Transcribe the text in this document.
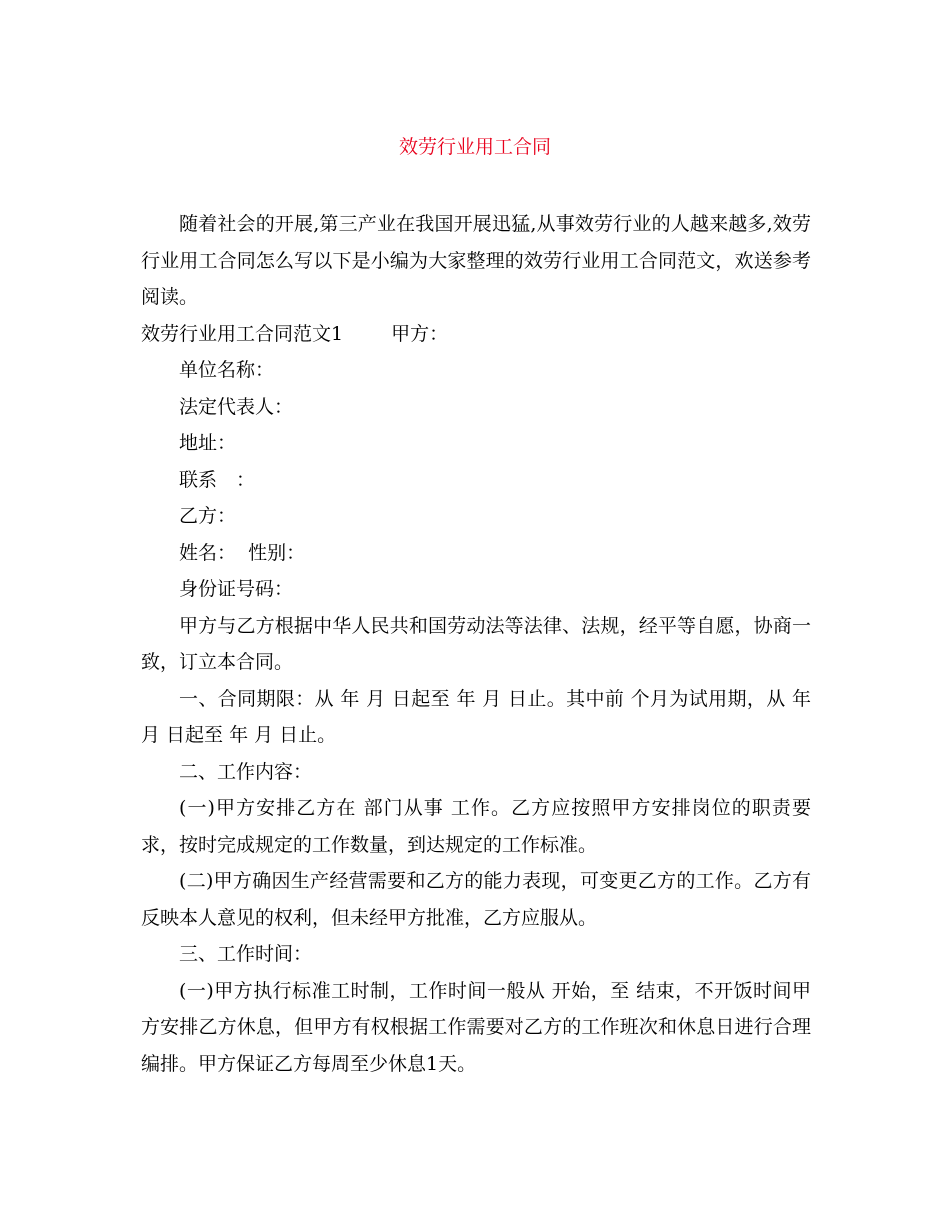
效劳行业用工合同

随着社会的开展,第三产业在我国开展迅猛,从事效劳行业的人越来越多,效劳行业用工合同怎么写以下是小编为大家整理的效劳行业用工合同范文，欢送参考阅读。

效劳行业用工合同范文1	甲方：

单位名称：

法定代表人：

地址：

联系　：

乙方：

姓名：  性别：

身份证号码：

甲方与乙方根据中华人民共和国劳动法等法律、法规，经平等自愿，协商一致，订立本合同。

一、合同期限：从 年 月 日起至 年 月 日止。其中前 个月为试用期，从 年 月 日起至 年 月 日止。

二、工作内容：

(一)甲方安排乙方在 部门从事 工作。乙方应按照甲方安排岗位的职责要求，按时完成规定的工作数量，到达规定的工作标准。

(二)甲方确因生产经营需要和乙方的能力表现，可变更乙方的工作。乙方有反映本人意见的权利，但未经甲方批准，乙方应服从。

三、工作时间：

(一)甲方执行标准工时制，工作时间一般从 开始，至 结束，不开饭时间甲方安排乙方休息，但甲方有权根据工作需要对乙方的工作班次和休息日进行合理编排。甲方保证乙方每周至少休息1天。
